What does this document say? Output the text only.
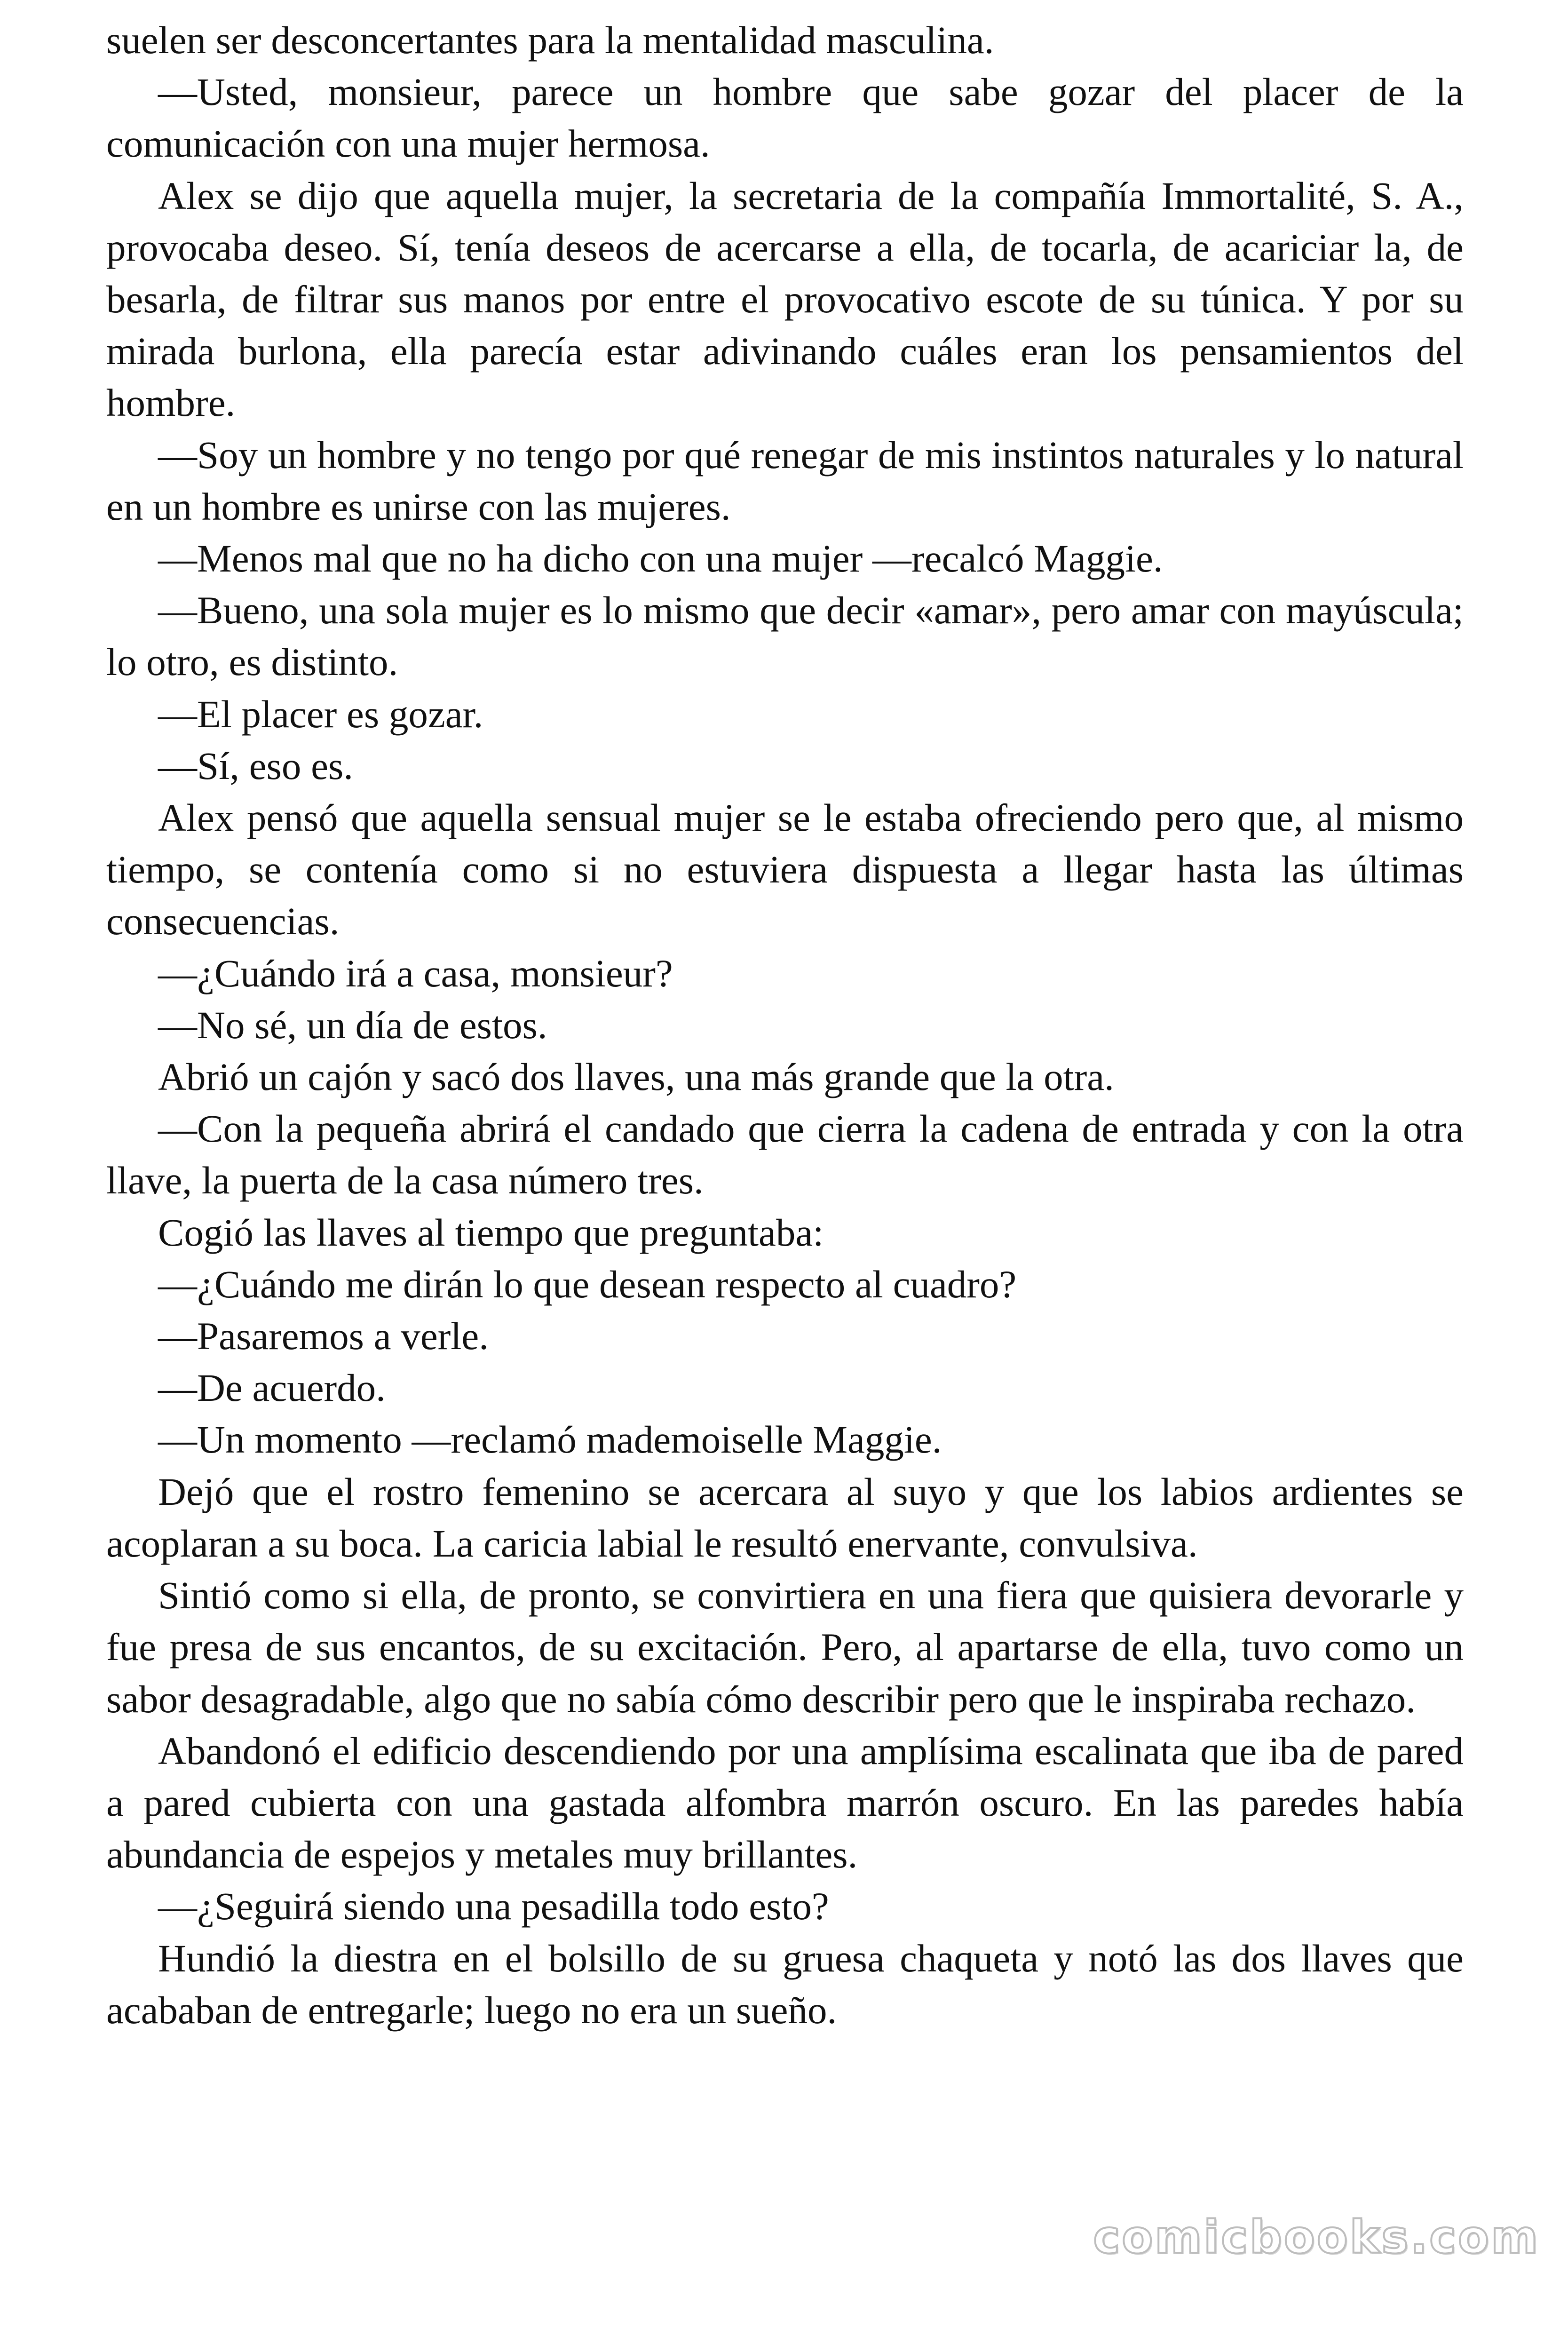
suelen ser desconcertantes para la mentalidad masculina.

—Usted, monsieur, parece un hombre que sabe gozar del placer de la comunicación con una mujer hermosa.

Alex se dijo que aquella mujer, la secretaria de la compañía Immortalité, S. A., provocaba deseo. Sí, tenía deseos de acercarse a ella, de tocarla, de acariciar la, de besarla, de filtrar sus manos por entre el provocativo escote de su túnica. Y por su mirada burlona, ella parecía estar adivinando cuáles eran los pensamientos del hombre.

—Soy un hombre y no tengo por qué renegar de mis instintos naturales y lo natural en un hombre es unirse con las mujeres.

—Menos mal que no ha dicho con una mujer —recalcó Maggie.

—Bueno, una sola mujer es lo mismo que decir «amar», pero amar con mayúscula; lo otro, es distinto.

—El placer es gozar.

—Sí, eso es.

Alex pensó que aquella sensual mujer se le estaba ofreciendo pero que, al mismo tiempo, se contenía como si no estuviera dispuesta a llegar hasta las últimas consecuencias.

—¿Cuándo irá a casa, monsieur?

—No sé, un día de estos.

Abrió un cajón y sacó dos llaves, una más grande que la otra.

—Con la pequeña abrirá el candado que cierra la cadena de entrada y con la otra llave, la puerta de la casa número tres.

Cogió las llaves al tiempo que preguntaba:

—¿Cuándo me dirán lo que desean respecto al cuadro?

—Pasaremos a verle.

—De acuerdo.

—Un momento —reclamó mademoiselle Maggie.

Dejó que el rostro femenino se acercara al suyo y que los labios ardientes se acoplaran a su boca. La caricia labial le resultó enervante, convulsiva.

Sintió como si ella, de pronto, se convirtiera en una fiera que quisiera devorarle y fue presa de sus encantos, de su excitación. Pero, al apartarse de ella, tuvo como un sabor desagradable, algo que no sabía cómo describir pero que le inspiraba rechazo.

Abandonó el edificio descendiendo por una amplísima escalinata que iba de pared a pared cubierta con una gastada alfombra marrón oscuro. En las paredes había abundancia de espejos y metales muy brillantes.

—¿Seguirá siendo una pesadilla todo esto?

Hundió la diestra en el bolsillo de su gruesa chaqueta y notó las dos llaves que acababan de entregarle; luego no era un sueño.

comicbooks.com
